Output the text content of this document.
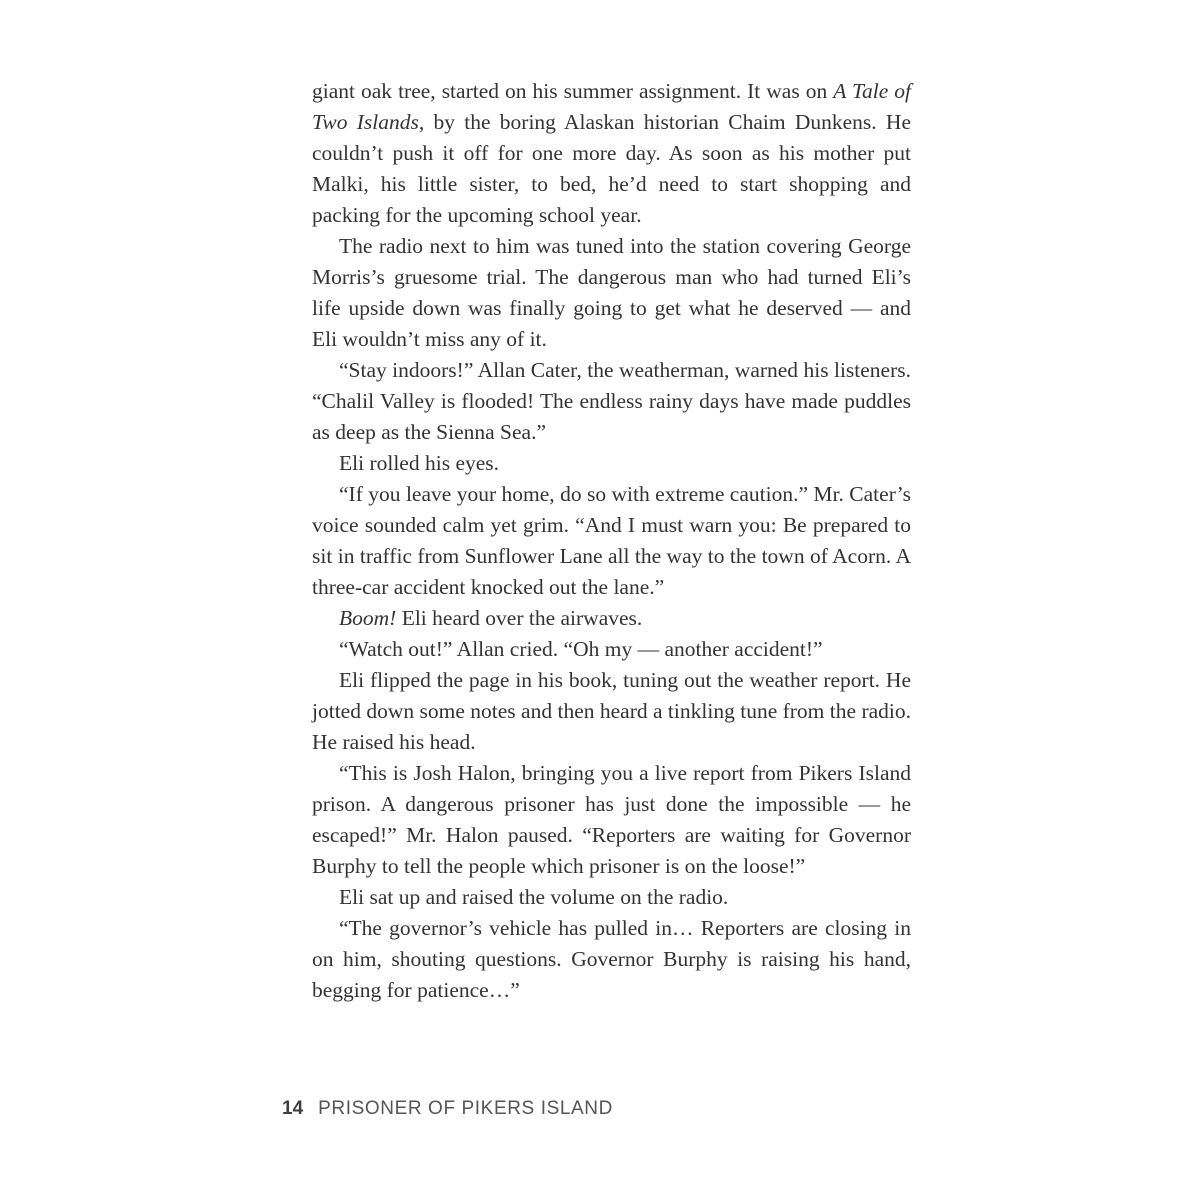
giant oak tree, started on his summer assignment. It was on A Tale of Two Islands, by the boring Alaskan historian Chaim Dunkens. He couldn’t push it off for one more day. As soon as his mother put Malki, his little sister, to bed, he’d need to start shopping and packing for the upcoming school year.

The radio next to him was tuned into the station covering George Morris’s gruesome trial. The dangerous man who had turned Eli’s life upside down was finally going to get what he deserved — and Eli wouldn’t miss any of it.

“Stay indoors!” Allan Cater, the weatherman, warned his listeners. “Chalil Valley is flooded! The endless rainy days have made puddles as deep as the Sienna Sea.”

Eli rolled his eyes.

“If you leave your home, do so with extreme caution.” Mr. Cater’s voice sounded calm yet grim. “And I must warn you: Be prepared to sit in traffic from Sunflower Lane all the way to the town of Acorn. A three-car accident knocked out the lane.”

Boom! Eli heard over the airwaves.

“Watch out!” Allan cried. “Oh my — another accident!”

Eli flipped the page in his book, tuning out the weather report. He jotted down some notes and then heard a tinkling tune from the radio. He raised his head.

“This is Josh Halon, bringing you a live report from Pikers Island prison. A dangerous prisoner has just done the impossible — he escaped!” Mr. Halon paused. “Reporters are waiting for Governor Burphy to tell the people which prisoner is on the loose!”

Eli sat up and raised the volume on the radio.

“The governor’s vehicle has pulled in… Reporters are closing in on him, shouting questions. Governor Burphy is raising his hand, begging for patience…”

14 PRISONER OF PIKERS ISLAND
